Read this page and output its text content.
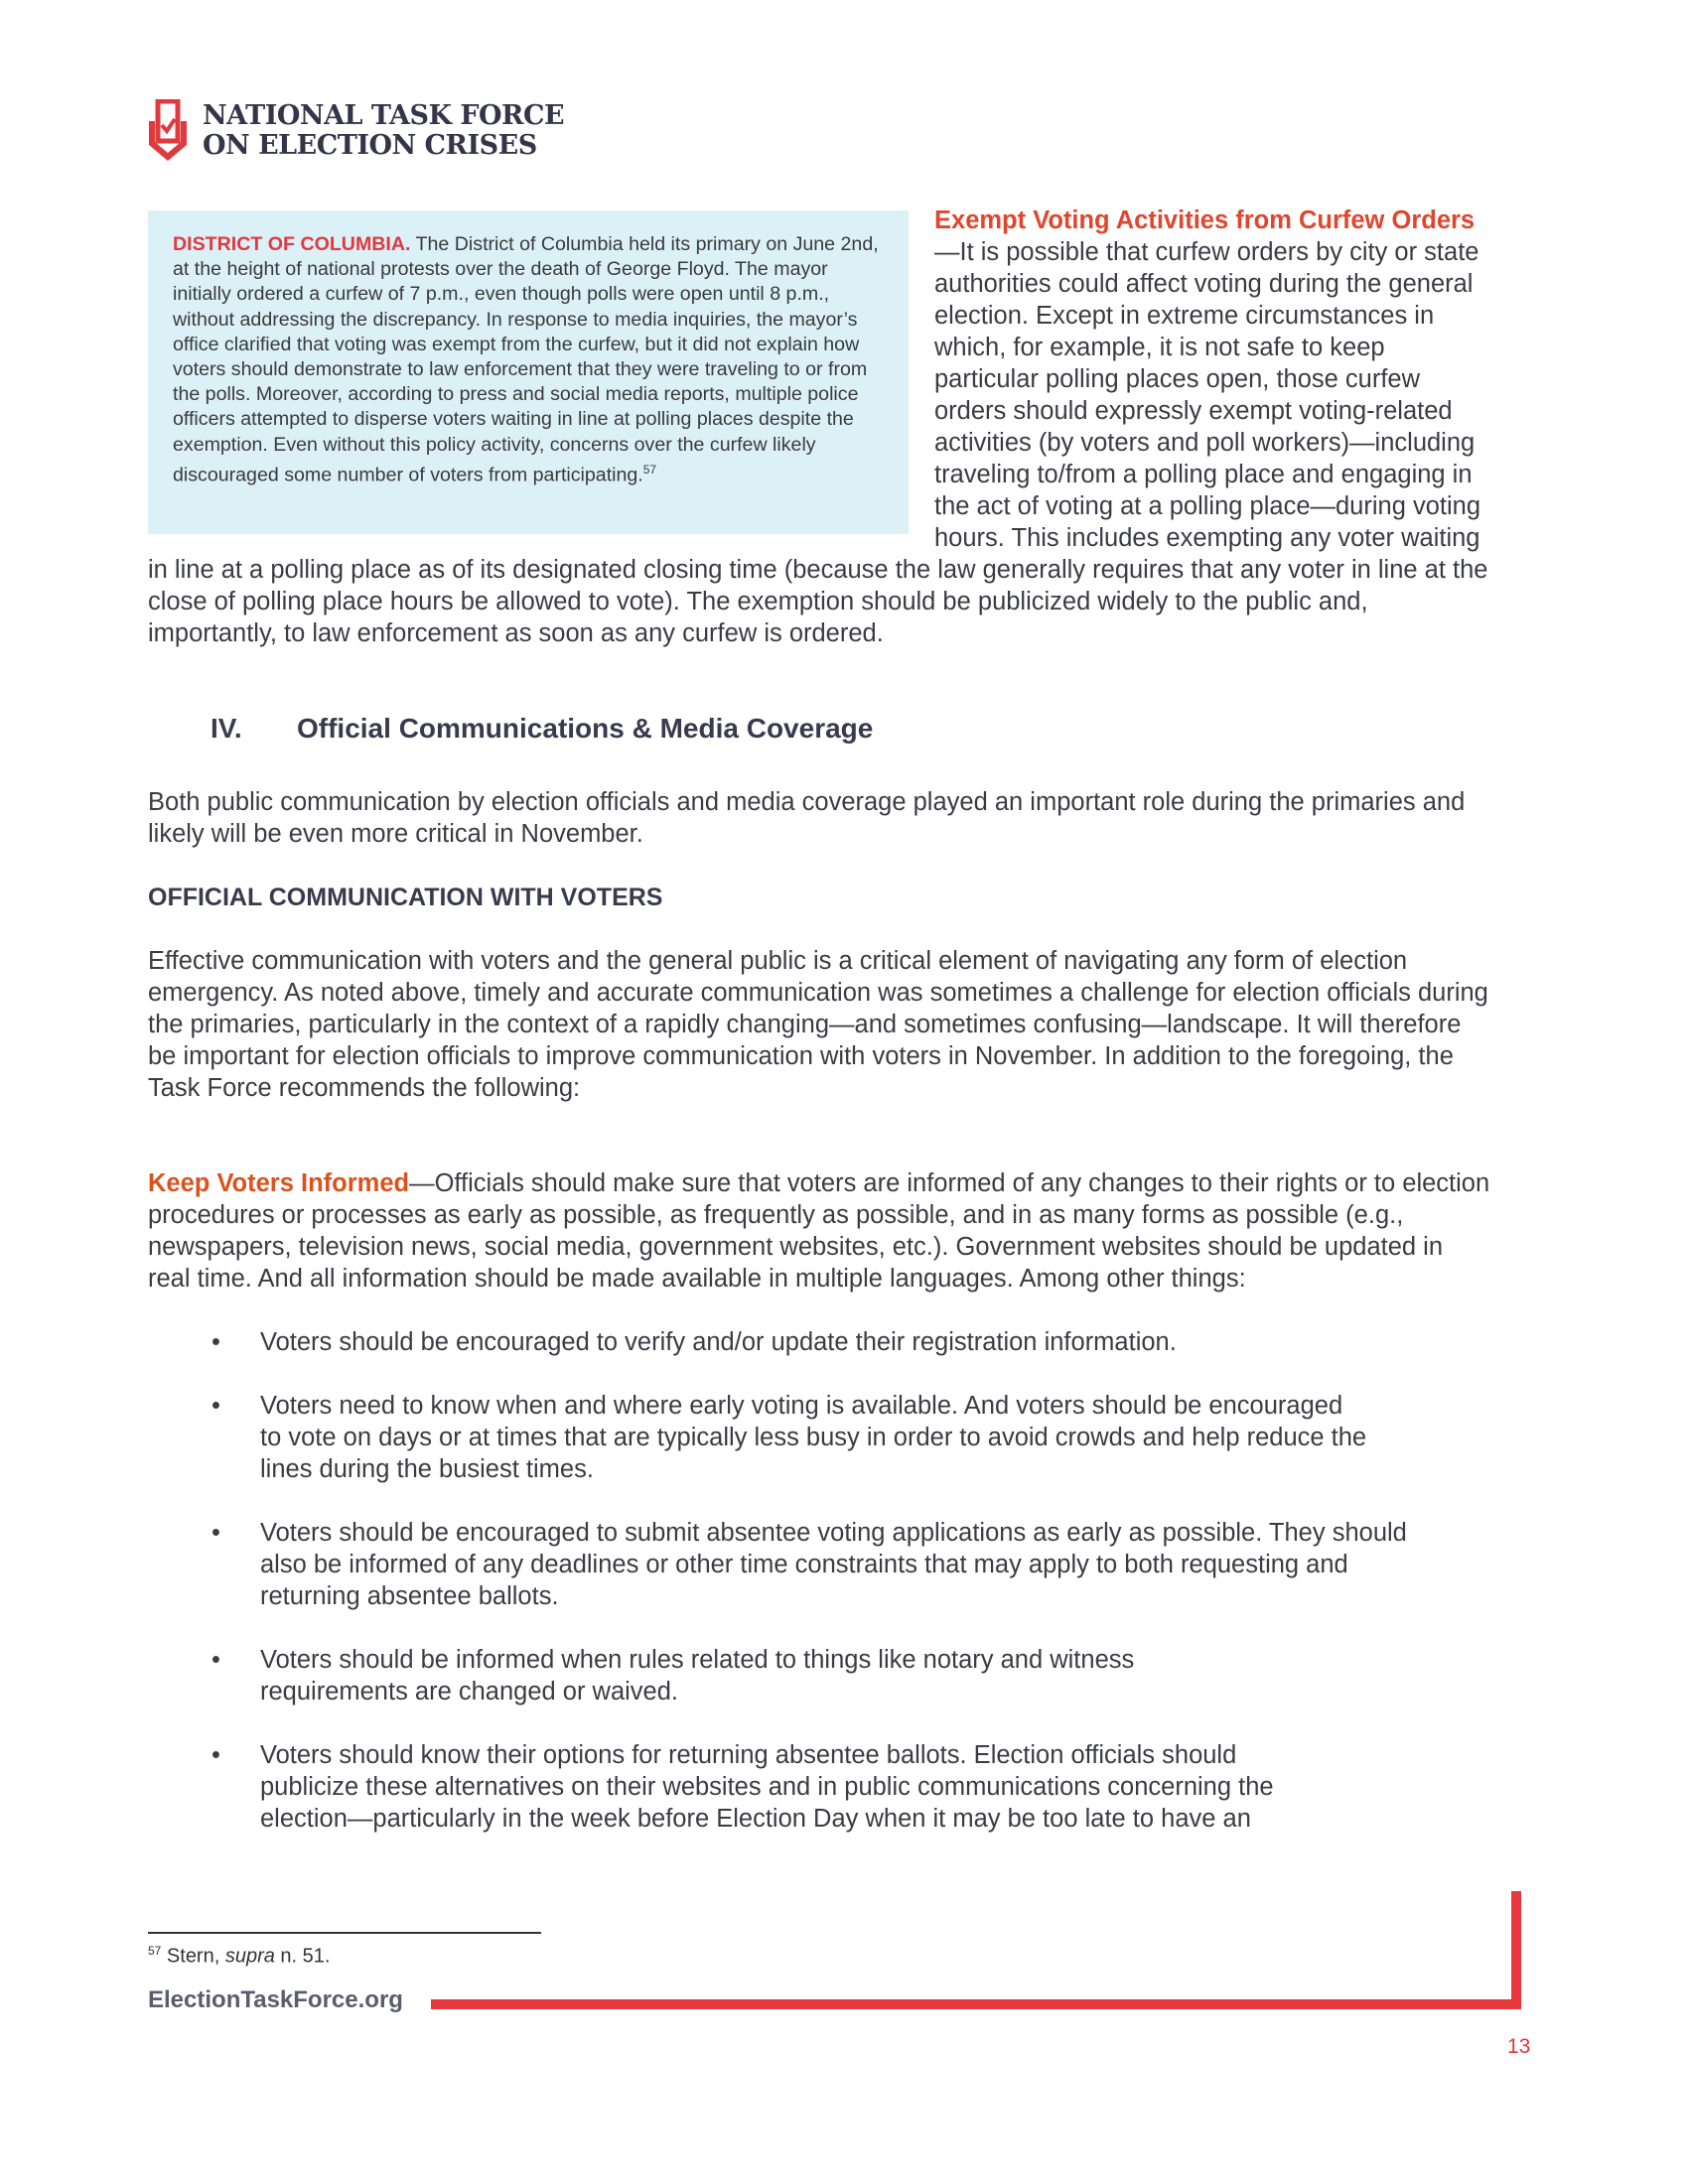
NATIONAL TASK FORCE
ON ELECTION CRISES
DISTRICT OF COLUMBIA. The District of Columbia held its primary on June 2nd, at the height of national protests over the death of George Floyd. The mayor initially ordered a curfew of 7 p.m., even though polls were open until 8 p.m., without addressing the discrepancy. In response to media inquiries, the mayor’s office clarified that voting was exempt from the curfew, but it did not explain how voters should demonstrate to law enforcement that they were traveling to or from the polls. Moreover, according to press and social media reports, multiple police officers attempted to disperse voters waiting in line at polling places despite the exemption. Even without this policy activity, concerns over the curfew likely discouraged some number of voters from participating.$^{57}$

Exempt Voting Activities from Curfew Orders—It is possible that curfew orders by city or state authorities could affect voting during the general election. Except in extreme circumstances in which, for example, it is not safe to keep particular polling places open, those curfew orders should expressly exempt voting-related activities (by voters and poll workers)—including traveling to/from a polling place and engaging in the act of voting at a polling place—during voting hours. This includes exempting any voter waiting in line at a polling place as of its designated closing time (because the law generally requires that any voter in line at the close of polling place hours be allowed to vote). The exemption should be publicized widely to the public and, importantly, to law enforcement as soon as any curfew is ordered.

IV. Official Communications & Media Coverage

Both public communication by election officials and media coverage played an important role during the primaries and likely will be even more critical in November.

OFFICIAL COMMUNICATION WITH VOTERS

Effective communication with voters and the general public is a critical element of navigating any form of election emergency. As noted above, timely and accurate communication was sometimes a challenge for election officials during the primaries, particularly in the context of a rapidly changing—and sometimes confusing—landscape. It will therefore be important for election officials to improve communication with voters in November. In addition to the foregoing, the Task Force recommends the following:

Keep Voters Informed—Officials should make sure that voters are informed of any changes to their rights or to election procedures or processes as early as possible, as frequently as possible, and in as many forms as possible (e.g., newspapers, television news, social media, government websites, etc.). Government websites should be updated in real time. And all information should be made available in multiple languages. Among other things:

• Voters should be encouraged to verify and/or update their registration information.
• Voters need to know when and where early voting is available. And voters should be encouraged to vote on days or at times that are typically less busy in order to avoid crowds and help reduce the lines during the busiest times.
• Voters should be encouraged to submit absentee voting applications as early as possible. They should also be informed of any deadlines or other time constraints that may apply to both requesting and returning absentee ballots.
• Voters should be informed when rules related to things like notary and witness requirements are changed or waived.
• Voters should know their options for returning absentee ballots. Election officials should publicize these alternatives on their websites and in public communications concerning the election—particularly in the week before Election Day when it may be too late to have an
$^{57}$ Stern, supra n. 51.
ElectionTaskForce.org
13
